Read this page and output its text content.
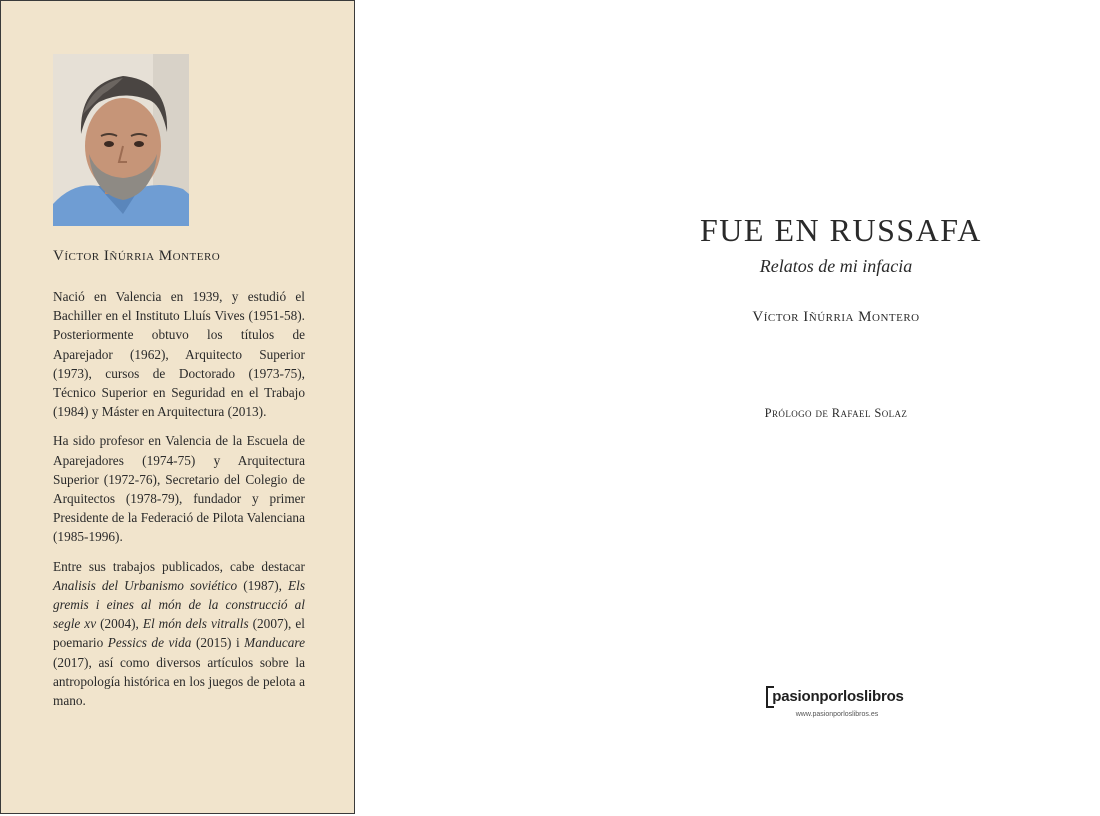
Víctor Iñúrria Montero

Nació en Valencia en 1939, y estudió el Bachiller en el Instituto Lluís Vives (1951-58). Posteriormente obtuvo los títulos de Aparejador (1962), Arquitecto Superior (1973), cursos de Doctorado (1973-75), Técnico Superior en Seguridad en el Trabajo (1984) y Máster en Arquitectura (2013).

Ha sido profesor en Valencia de la Escuela de Aparejadores (1974-75) y Arquitectura Superior (1972-76), Secretario del Colegio de Arquitectos (1978-79), fundador y primer Presidente de la Federació de Pilota Valenciana (1985-1996).

Entre sus trabajos publicados, cabe destacar Analisis del Urbanismo soviético (1987), Els gremis i eines al món de la construcció al segle xv (2004), El món dels vitralls (2007), el poemario Pessics de vida (2015) i Manducare (2017), así como diversos artículos sobre la antropología histórica en los juegos de pelota a mano.

FUE EN RUSSAFA
Relatos de mi infacia
Víctor Iñúrria Montero
Prólogo de Rafael Solaz
pasionporloslibros
www.pasionporloslibros.es
